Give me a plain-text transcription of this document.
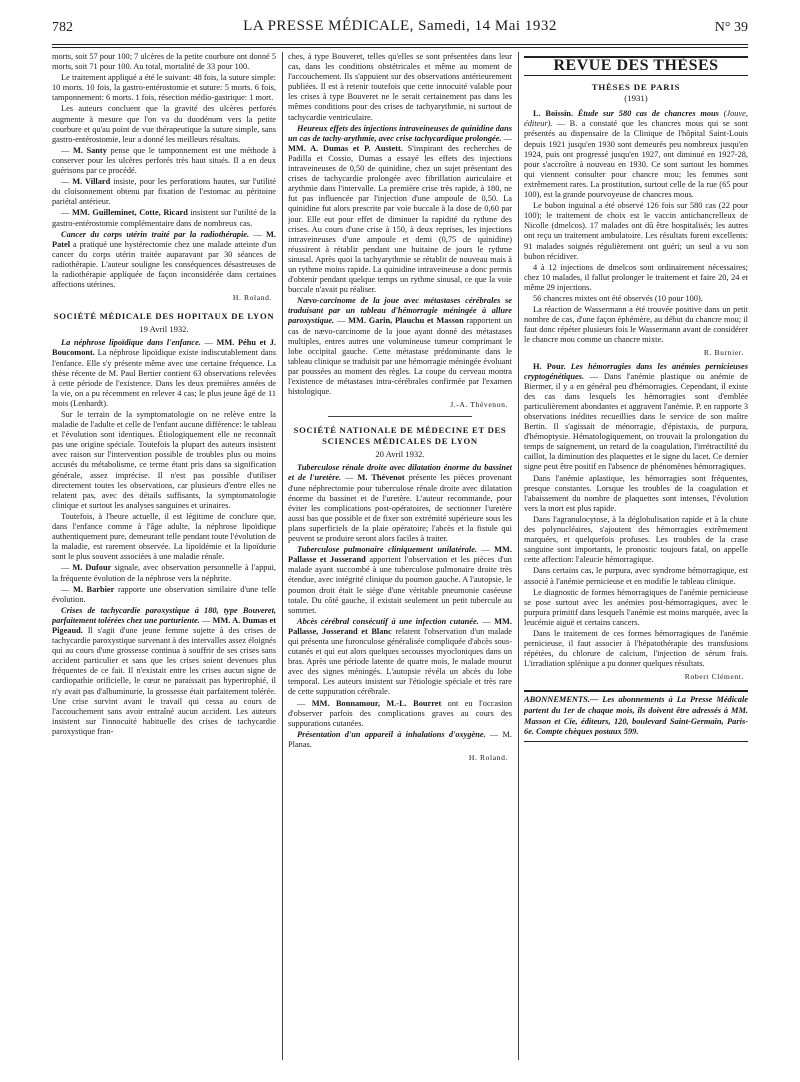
782	LA PRESSE MÉDICALE, Samedi, 14 Mai 1932	N° 39

morts, soit 57 pour 100; 7 ulcères de la petite courbure ont donné 5 morts, soit 71 pour 100. Au total, mortalité de 33 pour 100.

Le traitement appliqué a été le suivant: 48 fois, la suture simple: 10 morts. 10 fois, la gastro-entérostomie et suture: 5 morts. 6 fois, tamponnement: 6 morts. 1 fois, résection médio-gastrique: 1 mort.

Les auteurs concluent que la gravité des ulcères perforés augmente à mesure que l'on va du duodénum vers la petite courbure et qu'au point de vue thérapeutique la suture simple, sans gastro-entérostomie, leur a donné les meilleurs résultats.

— M. Santy pense que le tamponnement est une méthode à conserver pour les ulcères perforés très haut situés. Il a en deux guérisons par ce procédé.

— M. Villard insiste, pour les perforations hautes, sur l'utilité du cloisonnement obtenu par fixation de l'estomac au péritoine pariétal antérieur.

— MM. Guilleminet, Cotte, Ricard insistent sur l'utilité de la gastro-entérostomie complémentaire dans de nombreux cas.

Cancer du corps utérin traité par la radiothérapie. — M. Patel a pratiqué une hystérectomie chez une malade atteinte d'un cancer du corps utérin traitée auparavant par 30 séances de radiothérapie. L'auteur souligne les conséquences désastreuses de la radiothérapie appliquée de façon inconsidérée dans certaines affections utérines.

H. Roland.

SOCIÉTÉ MÉDICALE DES HOPITAUX DE LYON
19 Avril 1932.

La néphrose lipoïdique dans l'enfance. — MM. Péhu et J. Boucomont. La néphrose lipoïdique existe indiscutablement dans l'enfance. Elle s'y présente même avec une certaine fréquence. La thèse récente de M. Paul Bertier contient 63 observations relevées à cette période de l'existence. Dans les deux premières années de la vie, on a pu récemment en relever 4 cas; le plus jeune âgé de 11 mois (Lenhardt).

Sur le terrain de la symptomatologie on ne relève entre la maladie de l'adulte et celle de l'enfant aucune différence: le tableau et l'évolution sont identiques. Étiologiquement elle ne reconnaît pas une origine spéciale. Toutefois la plupart des auteurs insistent avec raison sur l'intervention possible de troubles plus ou moins accusés du métabolisme, ce terme étant pris dans sa signification générale, assez imprécise. Il n'est pas possible d'utiliser directement toutes les observations, car plusieurs d'entre elles ne relatent pas, avec des détails suffisants, la symptomatologie clinique et surtout les analyses sanguines et urinaires.

Toutefois, à l'heure actuelle, il est légitime de conclure que, dans l'enfance comme à l'âge adulte, la néphrose lipoïdique authentiquement pure, demeurant telle pendant toute l'évolution de la maladie, est rarement observée. La lipoïdémie et la lipoïdurie sont le plus souvent associées à une maladie rénale.

— M. Dufour signale, avec observation personnelle à l'appui, la fréquente évolution de la néphrose vers la néphrite.

— M. Barbier rapporte une observation similaire d'une telle évolution.

Crises de tachycardie paroxystique à 180, type Bouveret, parfaitement tolérées chez une parturiente. — MM. A. Dumas et Pigeaud. Il s'agit d'une jeune femme sujette à des crises de tachycardie paroxystique survenant à des intervalles assez éloignés qui au cours d'une grossesse continua à souffrir de ses crises sans accident particulier et sans que les crises soient devenues plus fréquentes de ce fait. Il n'existait entre les crises aucun signe de cardiopathie orificielle, le cœur ne paraissait pas hypertrophié, il n'y avait pas d'albuminurie, la grossesse était parfaitement tolérée. Une crise survint avant le travail qui cessa au cours de l'accouchement sans avoir entraîné aucun accident. Les auteurs insistent sur l'innocuité habituelle des crises de tachycardie paroxystique fran-

ches, à type Bouveret, telles qu'elles se sont présentées dans leur cas, dans les conditions obstétricales et même au moment de l'accouchement. Ils s'appuient sur des observations antérieurement publiées. Il est à retenir toutefois que cette innocuité valable pour les crises à type Bouveret ne le serait certainement pas dans les mêmes conditions pour des crises de tachyarythmie, ni surtout de tachycardie ventriculaire.

Heureux effets des injections intraveineuses de quinidine dans un cas de tachy-arythmie, avec crise tachycardique prolongée. — MM. A. Dumas et P. Austett. S'inspirant des recherches de Padilla et Cossio, Dumas a essayé les effets des injections intraveineuses de 0,50 de quinidine, chez un sujet présentant des crises de tachycardie prolongée avec fibrillation auriculaire et arythmie dans l'intervalle. La première crise très rapide, à 180, ne fut pas influencée par l'injection d'une ampoule de 0,50. La quinidine fut alors prescrite par voie buccale à la dose de 0,60 par jour. Elle eut pour effet de diminuer la rapidité du rythme des crises. Au cours d'une crise à 150, à deux reprises, les injections intraveineuses d'une ampoule et demi (0,75 de quinidine) réussirent à rétablir pendant une huitaine de jours le rythme sinusal. Après quoi la tachyarythmie se rétablit de nouveau mais à un rythme moins rapide. La quinidine intraveineuse a donc permis d'obtenir pendant quelque temps un rythme sinusal, ce que la voie buccale n'avait pu réaliser.

Nævo-carcinome de la joue avec métastases cérébrales se traduisant par un tableau d'hémorragie méningée à allure paroxystique. — MM. Garin, Plauchu et Masson rapportent un cas de nævo-carcinome de la joue ayant donné des métastases multiples, entres autres une volumineuse tumeur comprimant le lobe occipital gauche. Cette métastase prédominante dans le tableau clinique se traduisit par une hémorragie méningée évoluant par poussées au moment des règles. La coupe du cerveau montra l'existence de métastases intra-cérébrales confirmée par l'examen histologique.

J.-A. Thévenon.

SOCIÉTÉ NATIONALE DE MÉDECINE ET DES SCIENCES MÉDICALES DE LYON
20 Avril 1932.

Tuberculose rénale droite avec dilatation énorme du bassinet et de l'uretère. — M. Thévenot présente les pièces provenant d'une néphrectomie pour tuberculose rénale droite avec dilatation énorme du bassinet et de l'uretère. L'auteur recommande, pour éviter les complications post-opératoires, de sectionner l'uretère aussi bas que possible et de fixer son extrémité supérieure sous les plans superficiels de la plaie opératoire; l'abcès et la fistule qui peuvent se produire seront alors faciles à traiter.

Tuberculose pulmonaire cliniquement unilatérale. — MM. Pallasse et Josserand apportent l'observation et les pièces d'un malade ayant succombé à une tuberculose pulmonaire droite très étendue, avec intégrité clinique du poumon gauche. A l'autopsie, le poumon droit était le siège d'une véritable pneumonie caséeuse totale. Du côté gauche, il existait seulement un petit tubercule au sommet.

Abcès cérébral consécutif à une infection cutanée. — MM. Pallasse, Josserand et Blanc relatent l'observation d'un malade qui présenta une furonculose généralisée compliquée d'abcès sous-cutanés et qui eut alors quelques secousses myocloniques dans un bras. Après une période latente de quatre mois, le malade mourut avec des signes méningés. L'autopsie révéla un abcès du lobe temporal. Les auteurs insistent sur l'étiologie spéciale et très rare de cette suppuration cérébrale.

— MM. Bonnamour, M.-L. Bourret ont eu l'occasion d'observer parfois des complications graves au cours des suppurations cutanées.

Présentation d'un appareil à inhalations d'oxygène. — M. Planas.

H. Roland.

REVUE DES THÈSES
THÈSES DE PARIS
(1931)

L. Boissin. Étude sur 580 cas de chancres mous (Jouve, éditeur). — B. a constaté que les chancres mous qui se sont présentés au dispensaire de la Clinique de l'hôpital Saint-Louis depuis 1921 jusqu'en 1930 sont demeurés peu nombreux jusqu'en 1924, puis ont progressé jusqu'en 1927, ont diminué en 1927-28, pour s'accroître à nouveau en 1930. Ce sont surtout les hommes qui viennent consulter pour chancre mou; les femmes sont extrêmement rares. La prostitution, surtout celle de la rue (65 pour 100), est la grande pourvoyeuse de chancres mous.

Le bubon inguinal a été observé 126 fois sur 580 cas (22 pour 100); le traitement de choix est le vaccin antichancrelleux de Nicolle (dmelcos). 17 malades ont dû être hospitalisés; les autres ont reçu un traitement ambulatoire. Les résultats furent excellents: 91 malades soignés régulièrement ont guéri; un seul a vu son bubon récidiver.

4 à 12 injections de dmelcos sont ordinairement nécessaires; chez 10 malades, il fallut prolonger le traitement et faire 20, 24 et même 29 injections.

56 chancres mixtes ont été observés (10 pour 100).

La réaction de Wassermann a été trouvée positive dans un petit nombre de cas, d'une façon éphémère, au début du chancre mou; il faut donc répéter plusieurs fois le Wassermann avant de considérer le chancre mou comme un chancre mixte.

R. Burnier.

H. Pour. Les hémorragies dans les anémies pernicieuses cryptogénétiques. — Dans l'anémie plastique ou anémie de Biermer, il y a en général peu d'hémorragies. Cependant, il existe des cas dans lesquels les hémorragies sont d'emblée particulièrement abondantes et aggravent l'anémie. P. en rapporte 3 observations inédites recueillies dans le service de son maître Bertin. Il s'agissait de ménorragie, d'épistaxis, de purpura, d'hémoptysie. Hématologiquement, on trouvait la prolongation du temps de saignement, un retard de la coagulation, l'irrétractilité du caillot, la diminution des plaquettes et le signe du lacet. Ce dernier signe peut être positif en l'absence de phénomènes hémorragiques.

Dans l'anémie aplastique, les hémorragies sont fréquentes, presque constantes. Lorsque les troubles de la coagulation et l'abaissement du nombre de plaquettes sont intenses, l'évolution vers la mort est plus rapide.

Dans l'agranulocytose, à la déglobulisation rapide et à la chute des polynucléaires, s'ajoutent des hémorragies extrêmement marquées, et quelquefois profuses. Les troubles de la crase sanguine sont importants, le pronostic toujours fatal, on appelle cette affection: l'aleucie hémorragique.

Dans certains cas, le purpura, avec syndrome hémorragique, est associé à l'anémie pernicieuse et en modifie le tableau clinique.

Le diagnostic de formes hémorragiques de l'anémie pernicieuse se pose surtout avec les anémies post-hémorragiques, avec le purpura primitif dans lesquels l'anémie est moins marquée, avec la leucémie aiguë et certains cancers.

Dans le traitement de ces formes hémorragiques de l'anémie pernicieuse, il faut associer à l'hépatothérapie des transfusions répétées, du chlorure de calcium, l'injection de sérum frais. L'irradiation splénique a pu donner quelques résultats.

Robert Clément.

ABONNEMENTS.— Les abonnements à La Presse Médicale partent du 1er de chaque mois, ils doivent être adressés à MM. Masson et Cie, éditeurs, 120, boulevard Saint-Germain, Paris-6e. Compte chèques postaux 599.
